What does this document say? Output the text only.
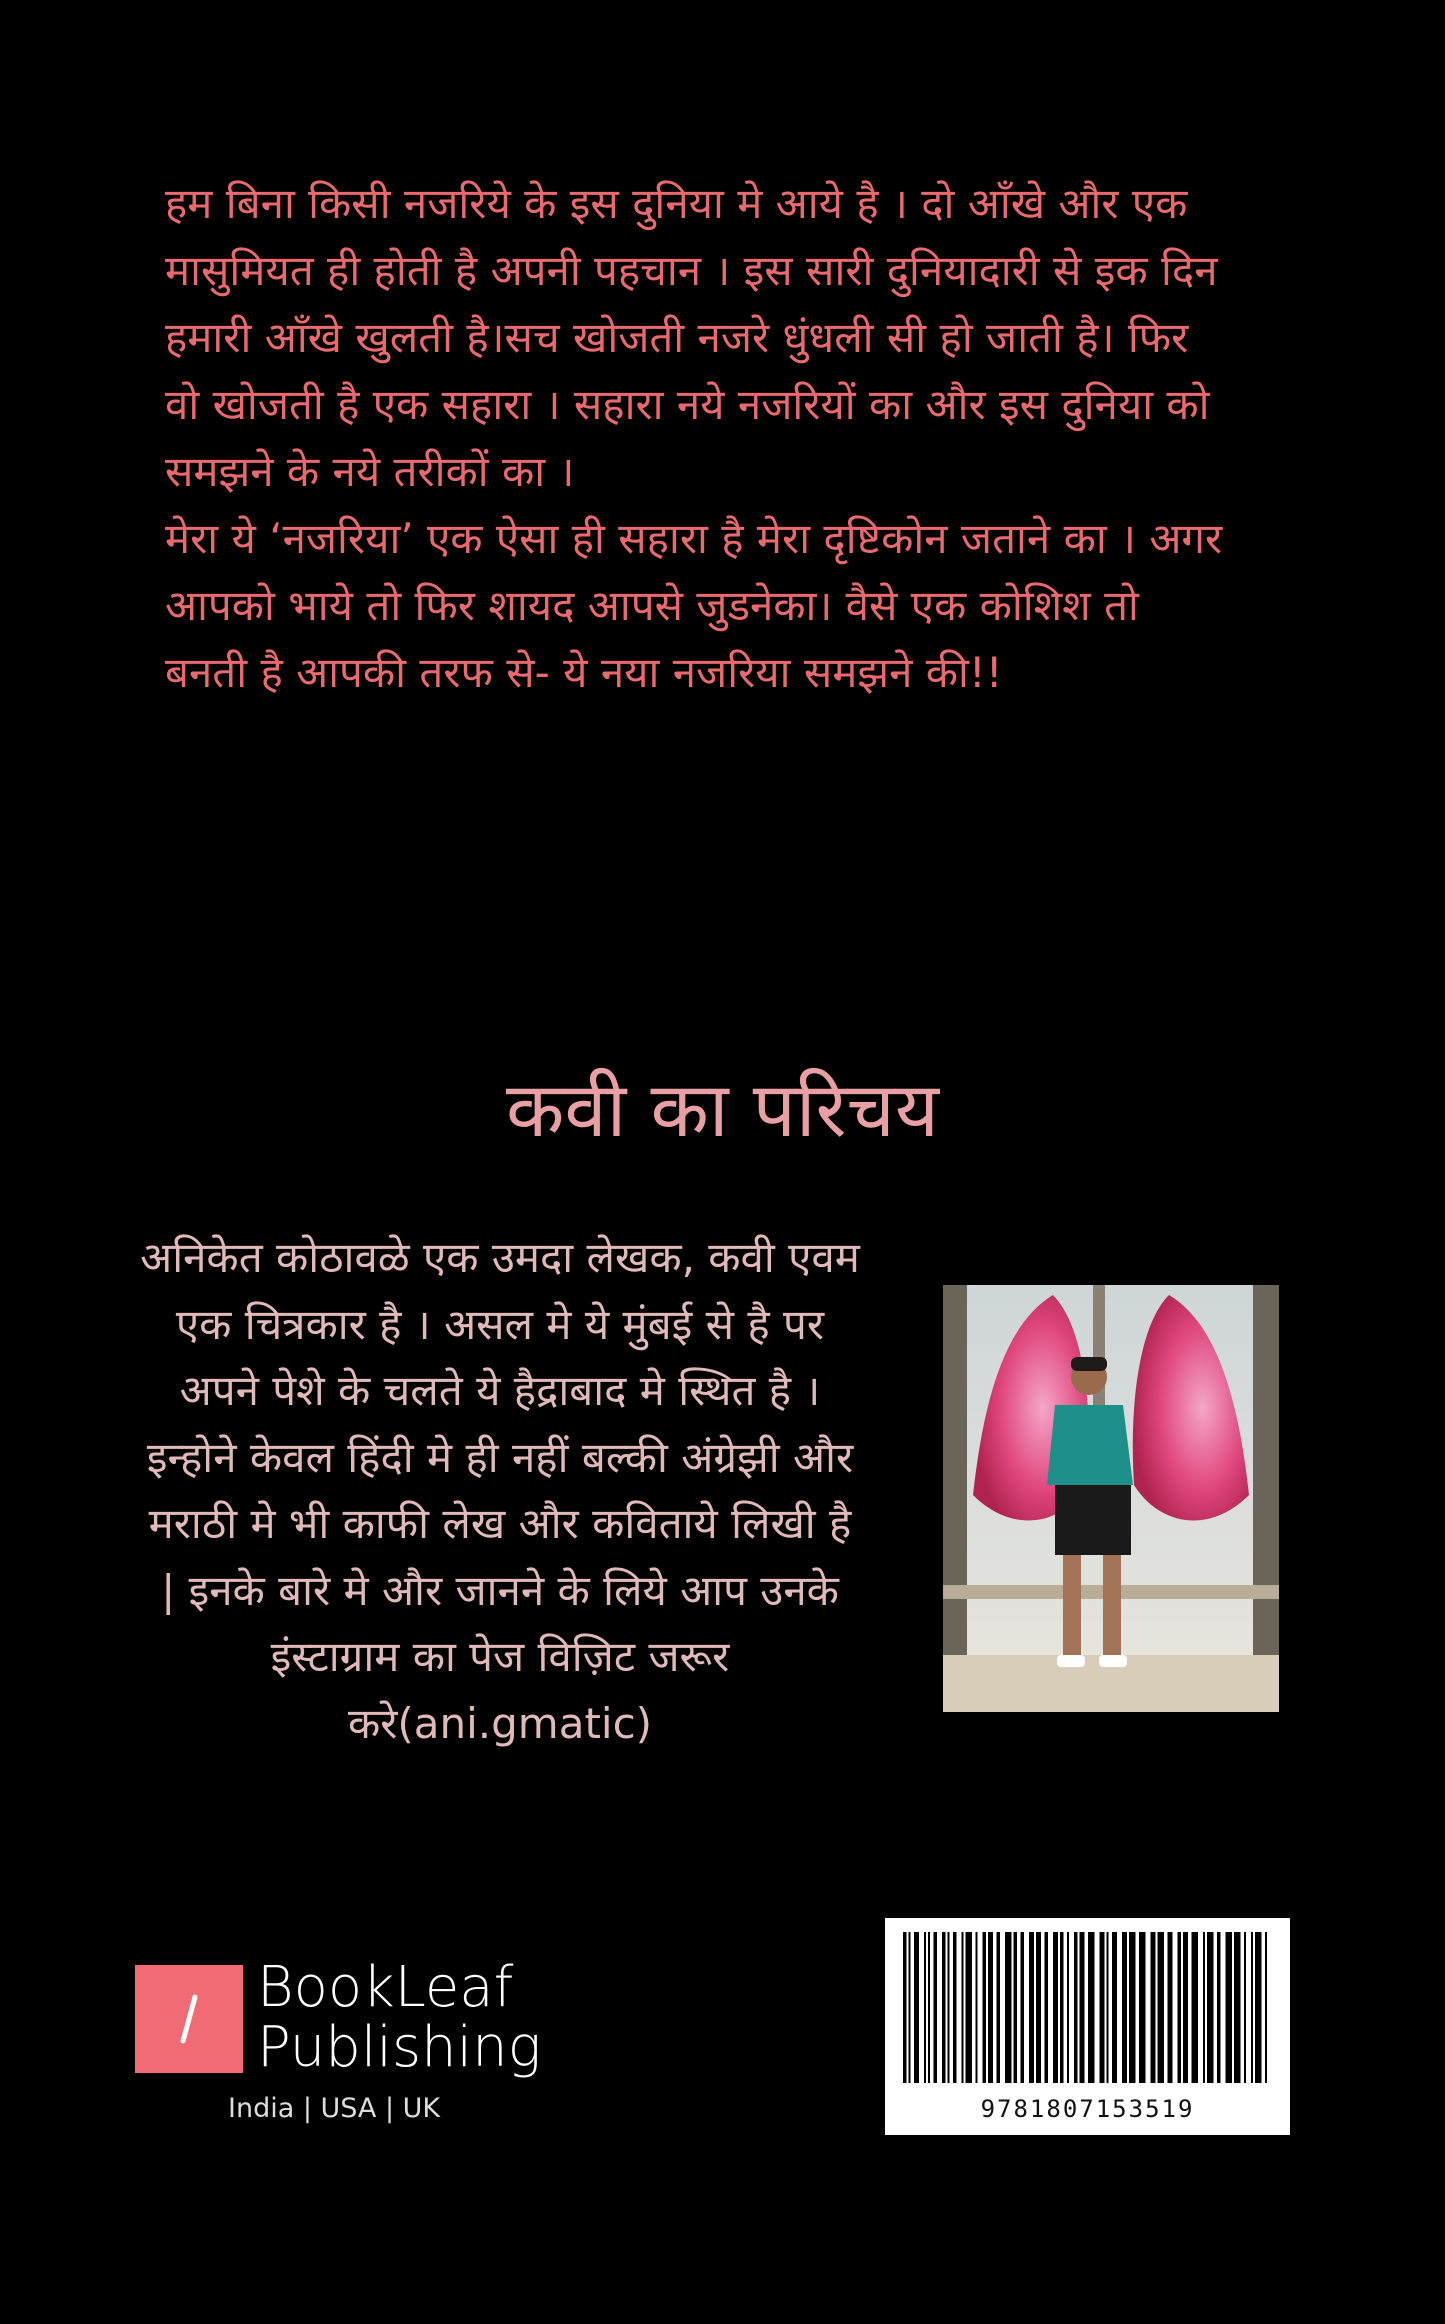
हम बिना किसी नजरिये के इस दुनिया मे आये है । दो आँखे और एक मासुमियत ही होती है अपनी पहचान । इस सारी दुनियादारी से इक दिन हमारी आँखे खुलती है।सच खोजती नजरे धुंधली सी हो जाती है। फिर वो खोजती है एक सहारा । सहारा नये नजरियों का और इस दुनिया को समझने के नये तरीकों का ।

मेरा ये ‘नजरिया’ एक ऐसा ही सहारा है मेरा दृष्टिकोन जताने का । अगर आपको भाये तो फिर शायद आपसे जुडनेका। वैसे एक कोशिश तो बनती है आपकी तरफ से- ये नया नजरिया समझने की!!

कवी का परिचय

अनिकेत कोठावळे एक उमदा लेखक, कवी एवम एक चित्रकार है । असल मे ये मुंबई से है पर अपने पेशे के चलते ये हैद्राबाद मे स्थित है । इन्होने केवल हिंदी मे ही नहीं बल्की अंग्रेझी और मराठी मे भी काफी लेख और कविताये लिखी है | इनके बारे मे और जानने के लिये आप उनके इंस्टाग्राम का पेज विज़िट जरूर करे(ani.gmatic)

BookLeaf
Publishing
India | USA | UK	9781807153519
